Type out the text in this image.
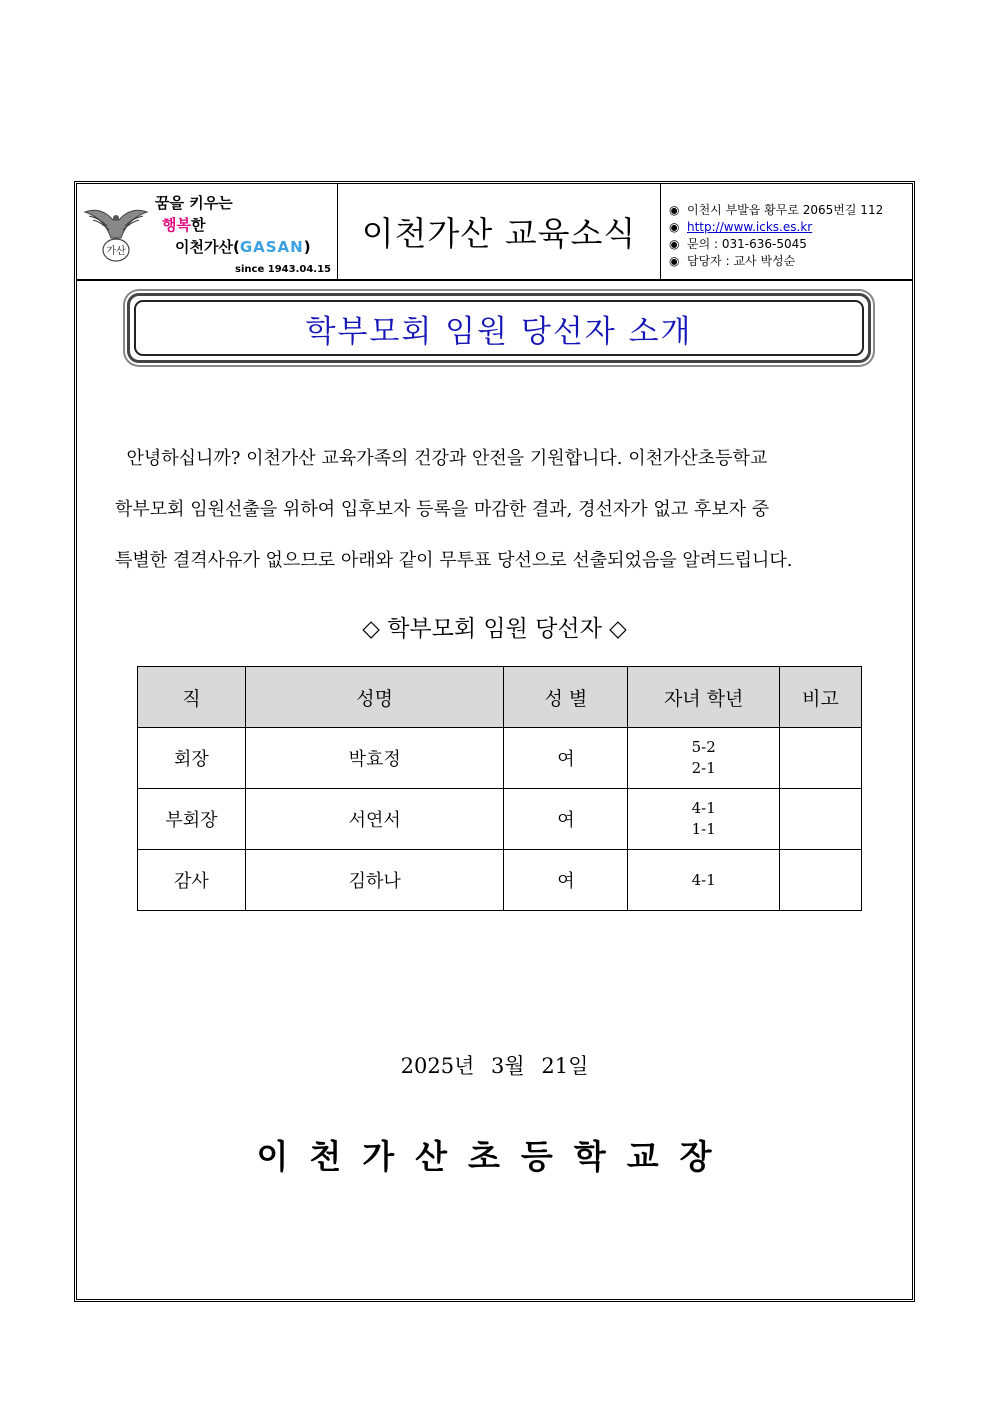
가산
꿈을 키우는
행복한
이천가산(GASAN)
since 1943.04.15
이천가산 교육소식
◉ 이천시 부발읍 황무로 2065번길 112
◉ http://www.icks.es.kr
◉ 문의 : 031-636-5045
◉ 담당자 : 교사 박성순
학부모회 임원 당선자 소개

안녕하십니까? 이천가산 교육가족의 건강과 안전을 기원합니다. 이천가산초등학교

학부모회 임원선출을 위하여 입후보자 등록을 마감한 결과, 경선자가 없고 후보자 중

특별한 결격사유가 없으므로 아래와 같이 무투표 당선으로 선출되었음을 알려드립니다.

◇ 학부모회 임원 당선자 ◇
직	성명	성 별	자녀 학년	비고
회장	박효정	여	5-2
2-1	

부회장	서연서	여	4-1
1-1	

감사	김하나	여	4-1	

2025년 3월 21일
이천가산초등학교장
